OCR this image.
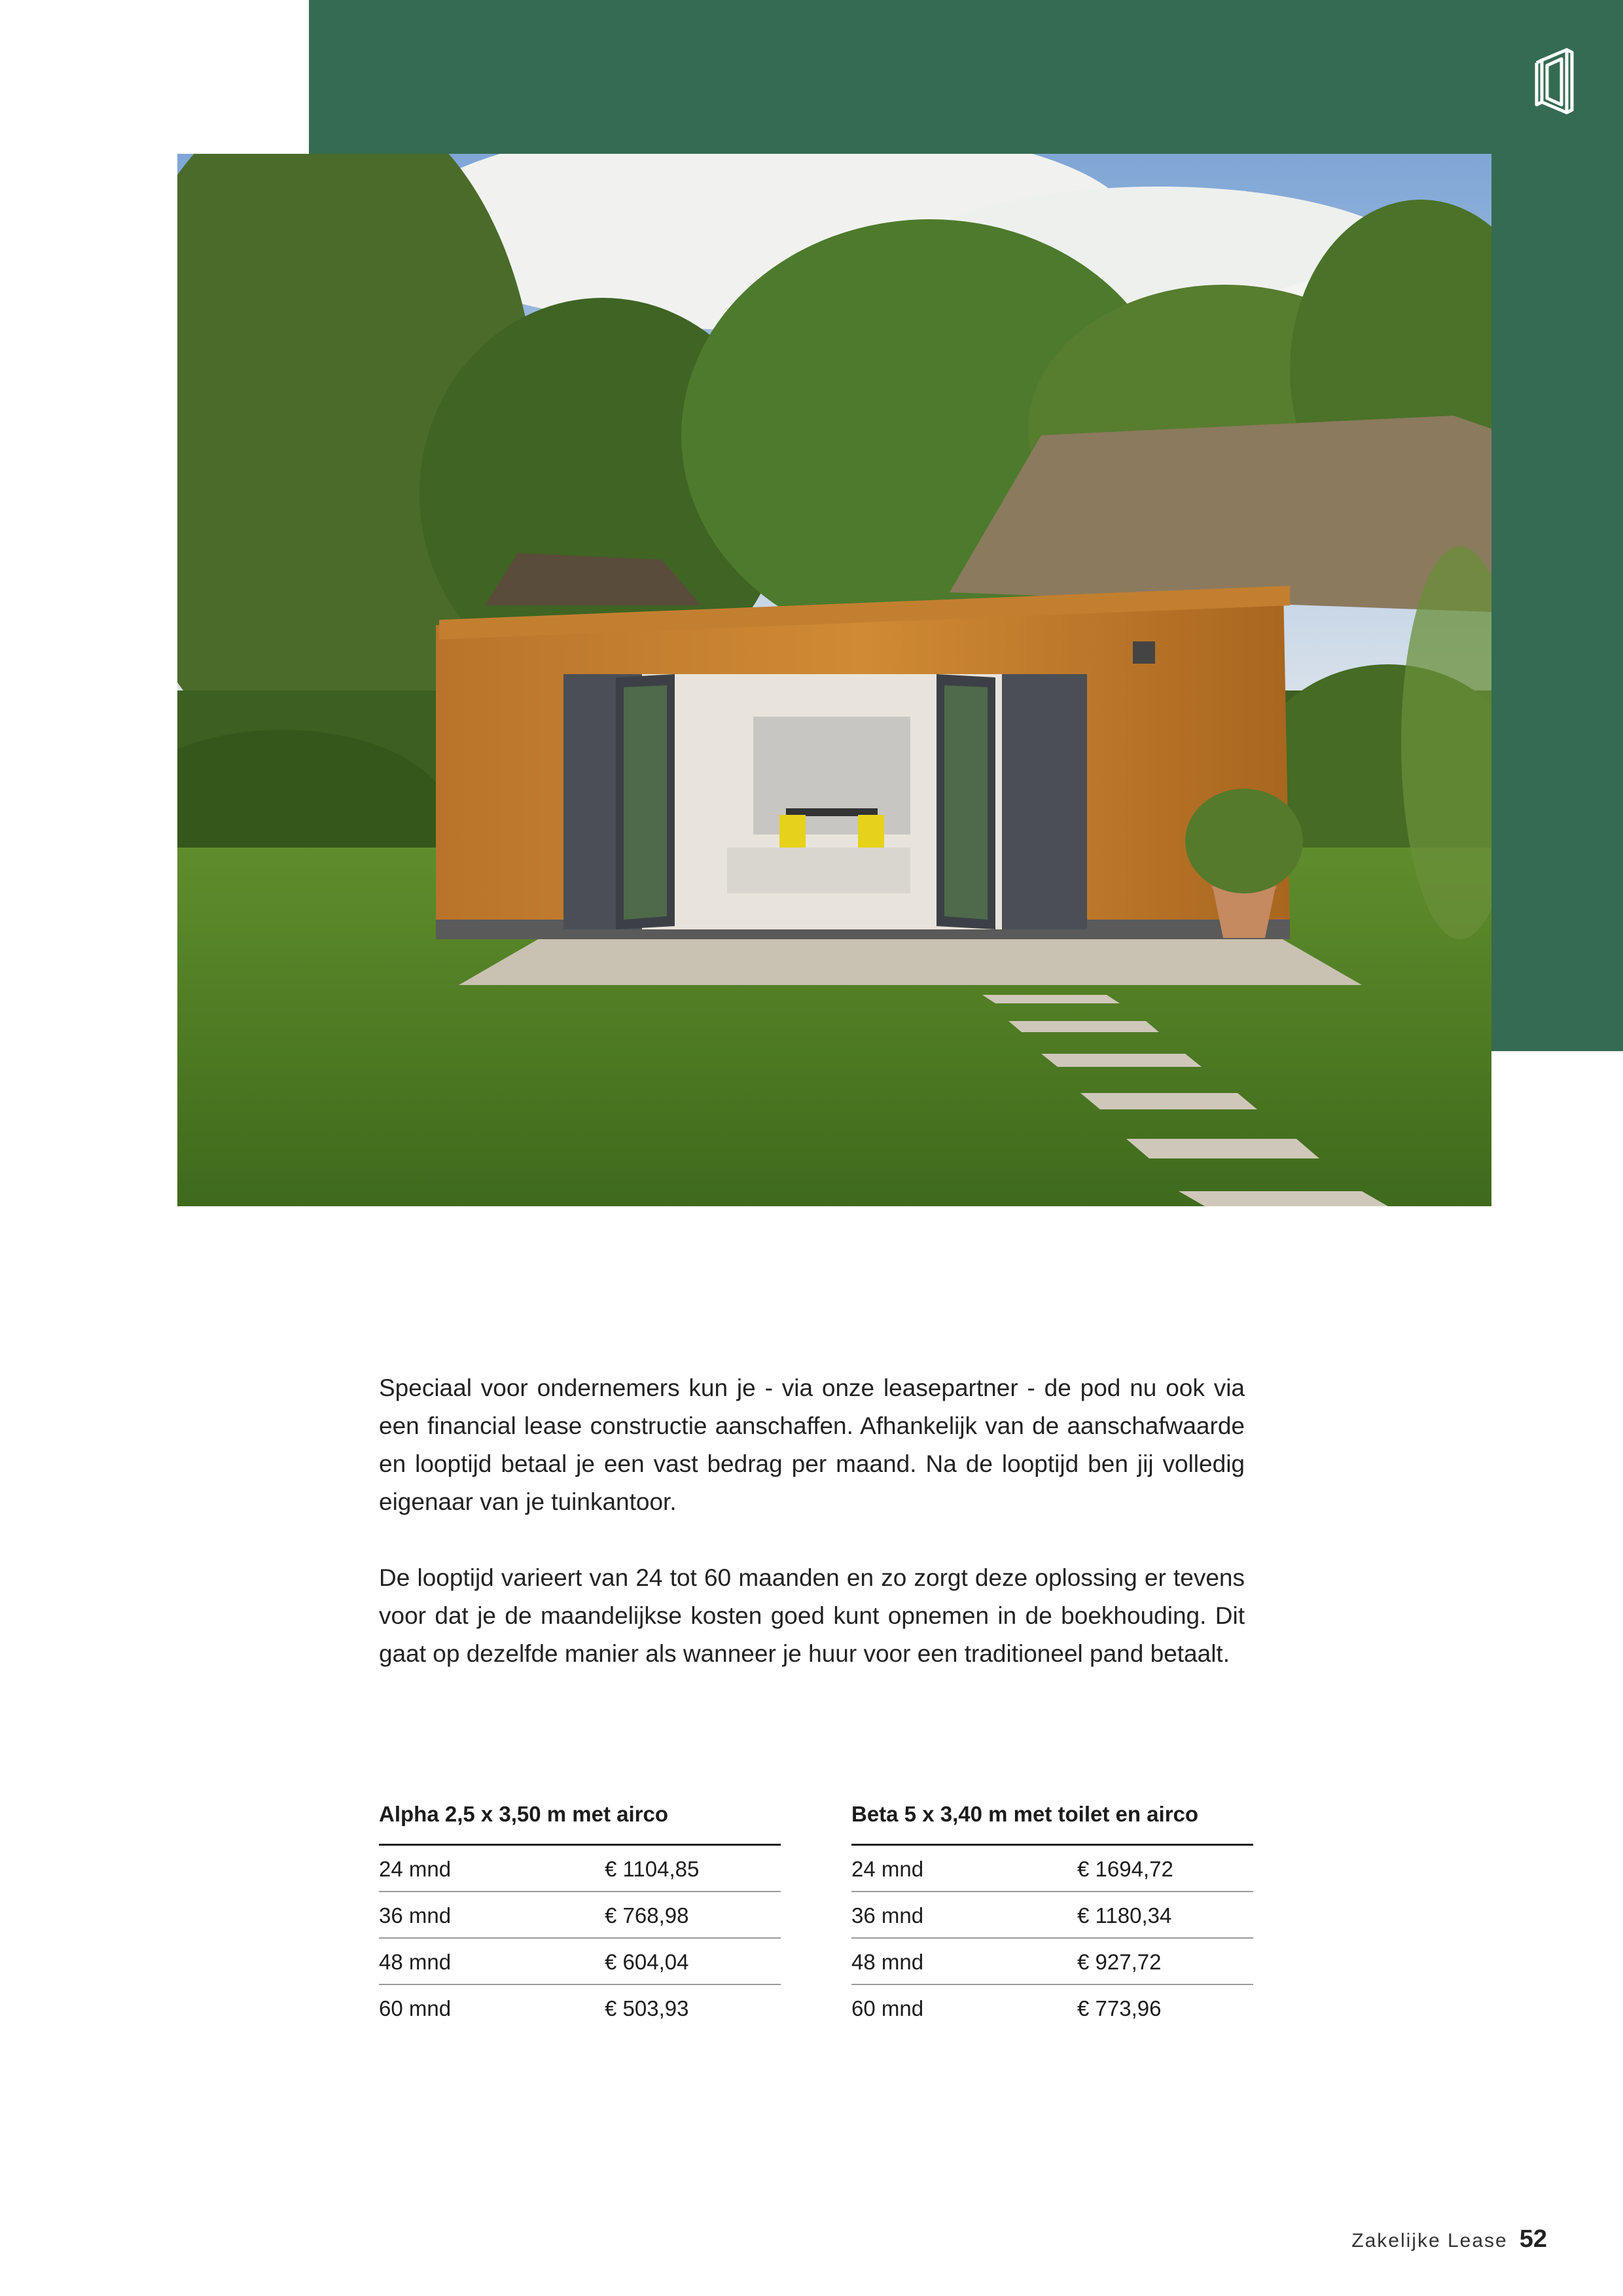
Speciaal voor ondernemers kun je - via onze leasepartner - de pod nu ook via een financial lease constructie aanschaffen. Afhankelijk van de aanschafwaarde en looptijd betaal je een vast bedrag per maand. Na de looptijd ben jij volledig eigenaar van je tuinkantoor.

De looptijd varieert van 24 tot 60 maanden en zo zorgt deze oplossing er tevens voor dat je de maandelijkse kosten goed kunt opnemen in de boekhouding. Dit gaat op dezelfde manier als wanneer je huur voor een traditioneel pand betaalt.

Alpha 2,5 x 3,50 m met airco
24 mnd	€ 1104,85
36 mnd	€ 768,98
48 mnd	€ 604,04
60 mnd	€ 503,93
Beta 5 x 3,40 m met toilet en airco
24 mnd	€ 1694,72
36 mnd	€ 1180,34
48 mnd	€ 927,72
60 mnd	€ 773,96
Zakelijke Lease 52
